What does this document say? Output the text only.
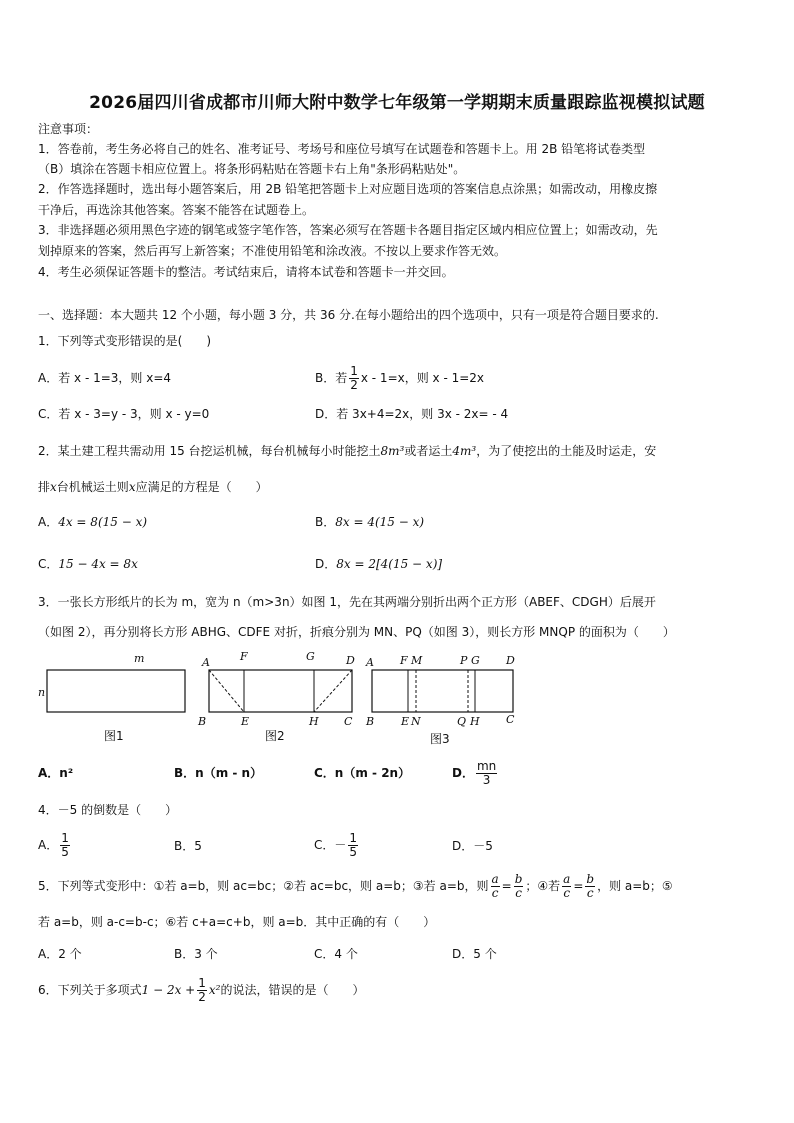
2026届四川省成都市川师大附中数学七年级第一学期期末质量跟踪监视模拟试题
注意事项：
1．答卷前，考生务必将自己的姓名、准考证号、考场号和座位号填写在试题卷和答题卡上。用 2B 铅笔将试卷类型
（B）填涂在答题卡相应位置上。将条形码粘贴在答题卡右上角"条形码粘贴处"。
2．作答选择题时，选出每小题答案后，用 2B 铅笔把答题卡上对应题目选项的答案信息点涂黑；如需改动，用橡皮擦
干净后，再选涂其他答案。答案不能答在试题卷上。
3．非选择题必须用黑色字迹的钢笔或签字笔作答，答案必须写在答题卡各题目指定区域内相应位置上；如需改动，先
划掉原来的答案，然后再写上新答案；不准使用铅笔和涂改液。不按以上要求作答无效。
4．考生必须保证答题卡的整洁。考试结束后，请将本试卷和答题卡一并交回。
一、选择题：本大题共 12 个小题，每小题 3 分，共 36 分.在每小题给出的四个选项中，只有一项是符合题目要求的.
1．下列等式变形错误的是(　　)
A．若 x - 1=3，则 x=4	B．若 $\frac{1}{2}$ x - 1=x，则 x - 1=2x
C．若 x - 3=y - 3，则 x - y=0	D．若 3x+4=2x，则 3x - 2x= - 4
2．某土建工程共需动用 15 台挖运机械，每台机械每小时能挖土8m³或者运土4m³，为了使挖出的土能及时运走，安
排x台机械运土则x应满足的方程是（　　）
A．4x = 8(15 − x)	B．8x = 4(15 − x)
C．15 − 4x = 8x	D．8x = 2[4(15 − x)]
3．一张长方形纸片的长为 m，宽为 n（m>3n）如图 1，先在其两端分别折出两个正方形（ABEF、CDGH）后展开
（如图 2），再分别将长方形 ABHG、CDFE 对折，折痕分别为 MN、PQ（如图 3），则长方形 MNQP 的面积为（　　）
m
n
图1
A	F	G	D
B	E	H C
图2
A F M	P G D
B E N	Q H C
图3
A．n²	B．n（m - n）	C．n（m - 2n）	D． $\frac{mn}{3}$
4．－5 的倒数是（　　）
A． $\frac{1}{5}$	B．5	C．－ $\frac{1}{5}$	D．－5
5．下列等式变形中：①若 a=b，则 ac=bc；②若 ac=bc，则 a=b；③若 a=b，则 $\frac{a}{c} = \frac{b}{c}$ ；④若 $\frac{a}{c} = \frac{b}{c}$ ，则 a=b；⑤
若 a=b，则 a-c=b-c；⑥若 c+a=c+b，则 a=b．其中正确的有（　　）
A．2 个	B．3 个	C．4 个	D．5 个
6．下列关于多项式$1 - 2x + \frac{1}{2} x^2$的说法，错误的是（　　）
